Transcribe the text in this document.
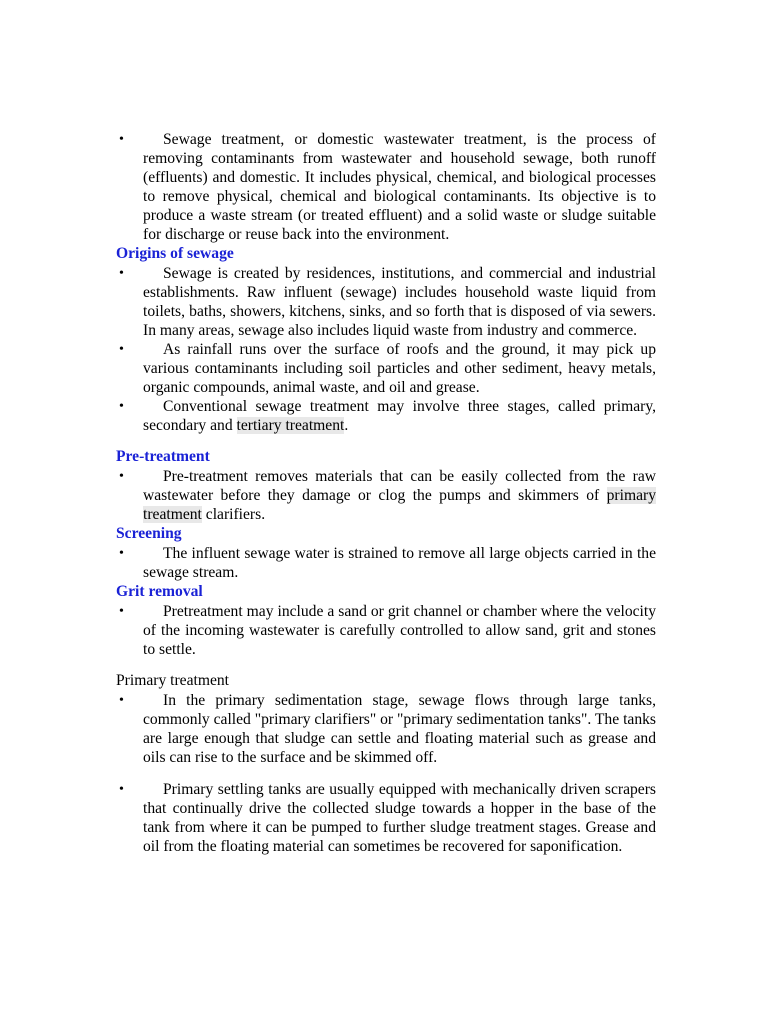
• Sewage treatment, or domestic wastewater treatment, is the process of removing contaminants from wastewater and household sewage, both runoff (effluents) and domestic. It includes physical, chemical, and biological processes to remove physical, chemical and biological contaminants. Its objective is to produce a waste stream (or treated effluent) and a solid waste or sludge suitable for discharge or reuse back into the environment.
Origins of sewage
• Sewage is created by residences, institutions, and commercial and industrial establishments. Raw influent (sewage) includes household waste liquid from toilets, baths, showers, kitchens, sinks, and so forth that is disposed of via sewers. In many areas, sewage also includes liquid waste from industry and commerce.
• As rainfall runs over the surface of roofs and the ground, it may pick up various contaminants including soil particles and other sediment, heavy metals, organic compounds, animal waste, and oil and grease.
• Conventional sewage treatment may involve three stages, called primary, secondary and tertiary treatment.
Pre-treatment
• Pre-treatment removes materials that can be easily collected from the raw wastewater before they damage or clog the pumps and skimmers of primary treatment clarifiers.
Screening
• The influent sewage water is strained to remove all large objects carried in the sewage stream.
Grit removal
• Pretreatment may include a sand or grit channel or chamber where the velocity of the incoming wastewater is carefully controlled to allow sand, grit and stones to settle.
Primary treatment
• In the primary sedimentation stage, sewage flows through large tanks, commonly called "primary clarifiers" or "primary sedimentation tanks". The tanks are large enough that sludge can settle and floating material such as grease and oils can rise to the surface and be skimmed off.
• Primary settling tanks are usually equipped with mechanically driven scrapers that continually drive the collected sludge towards a hopper in the base of the tank from where it can be pumped to further sludge treatment stages. Grease and oil from the floating material can sometimes be recovered for saponification.
